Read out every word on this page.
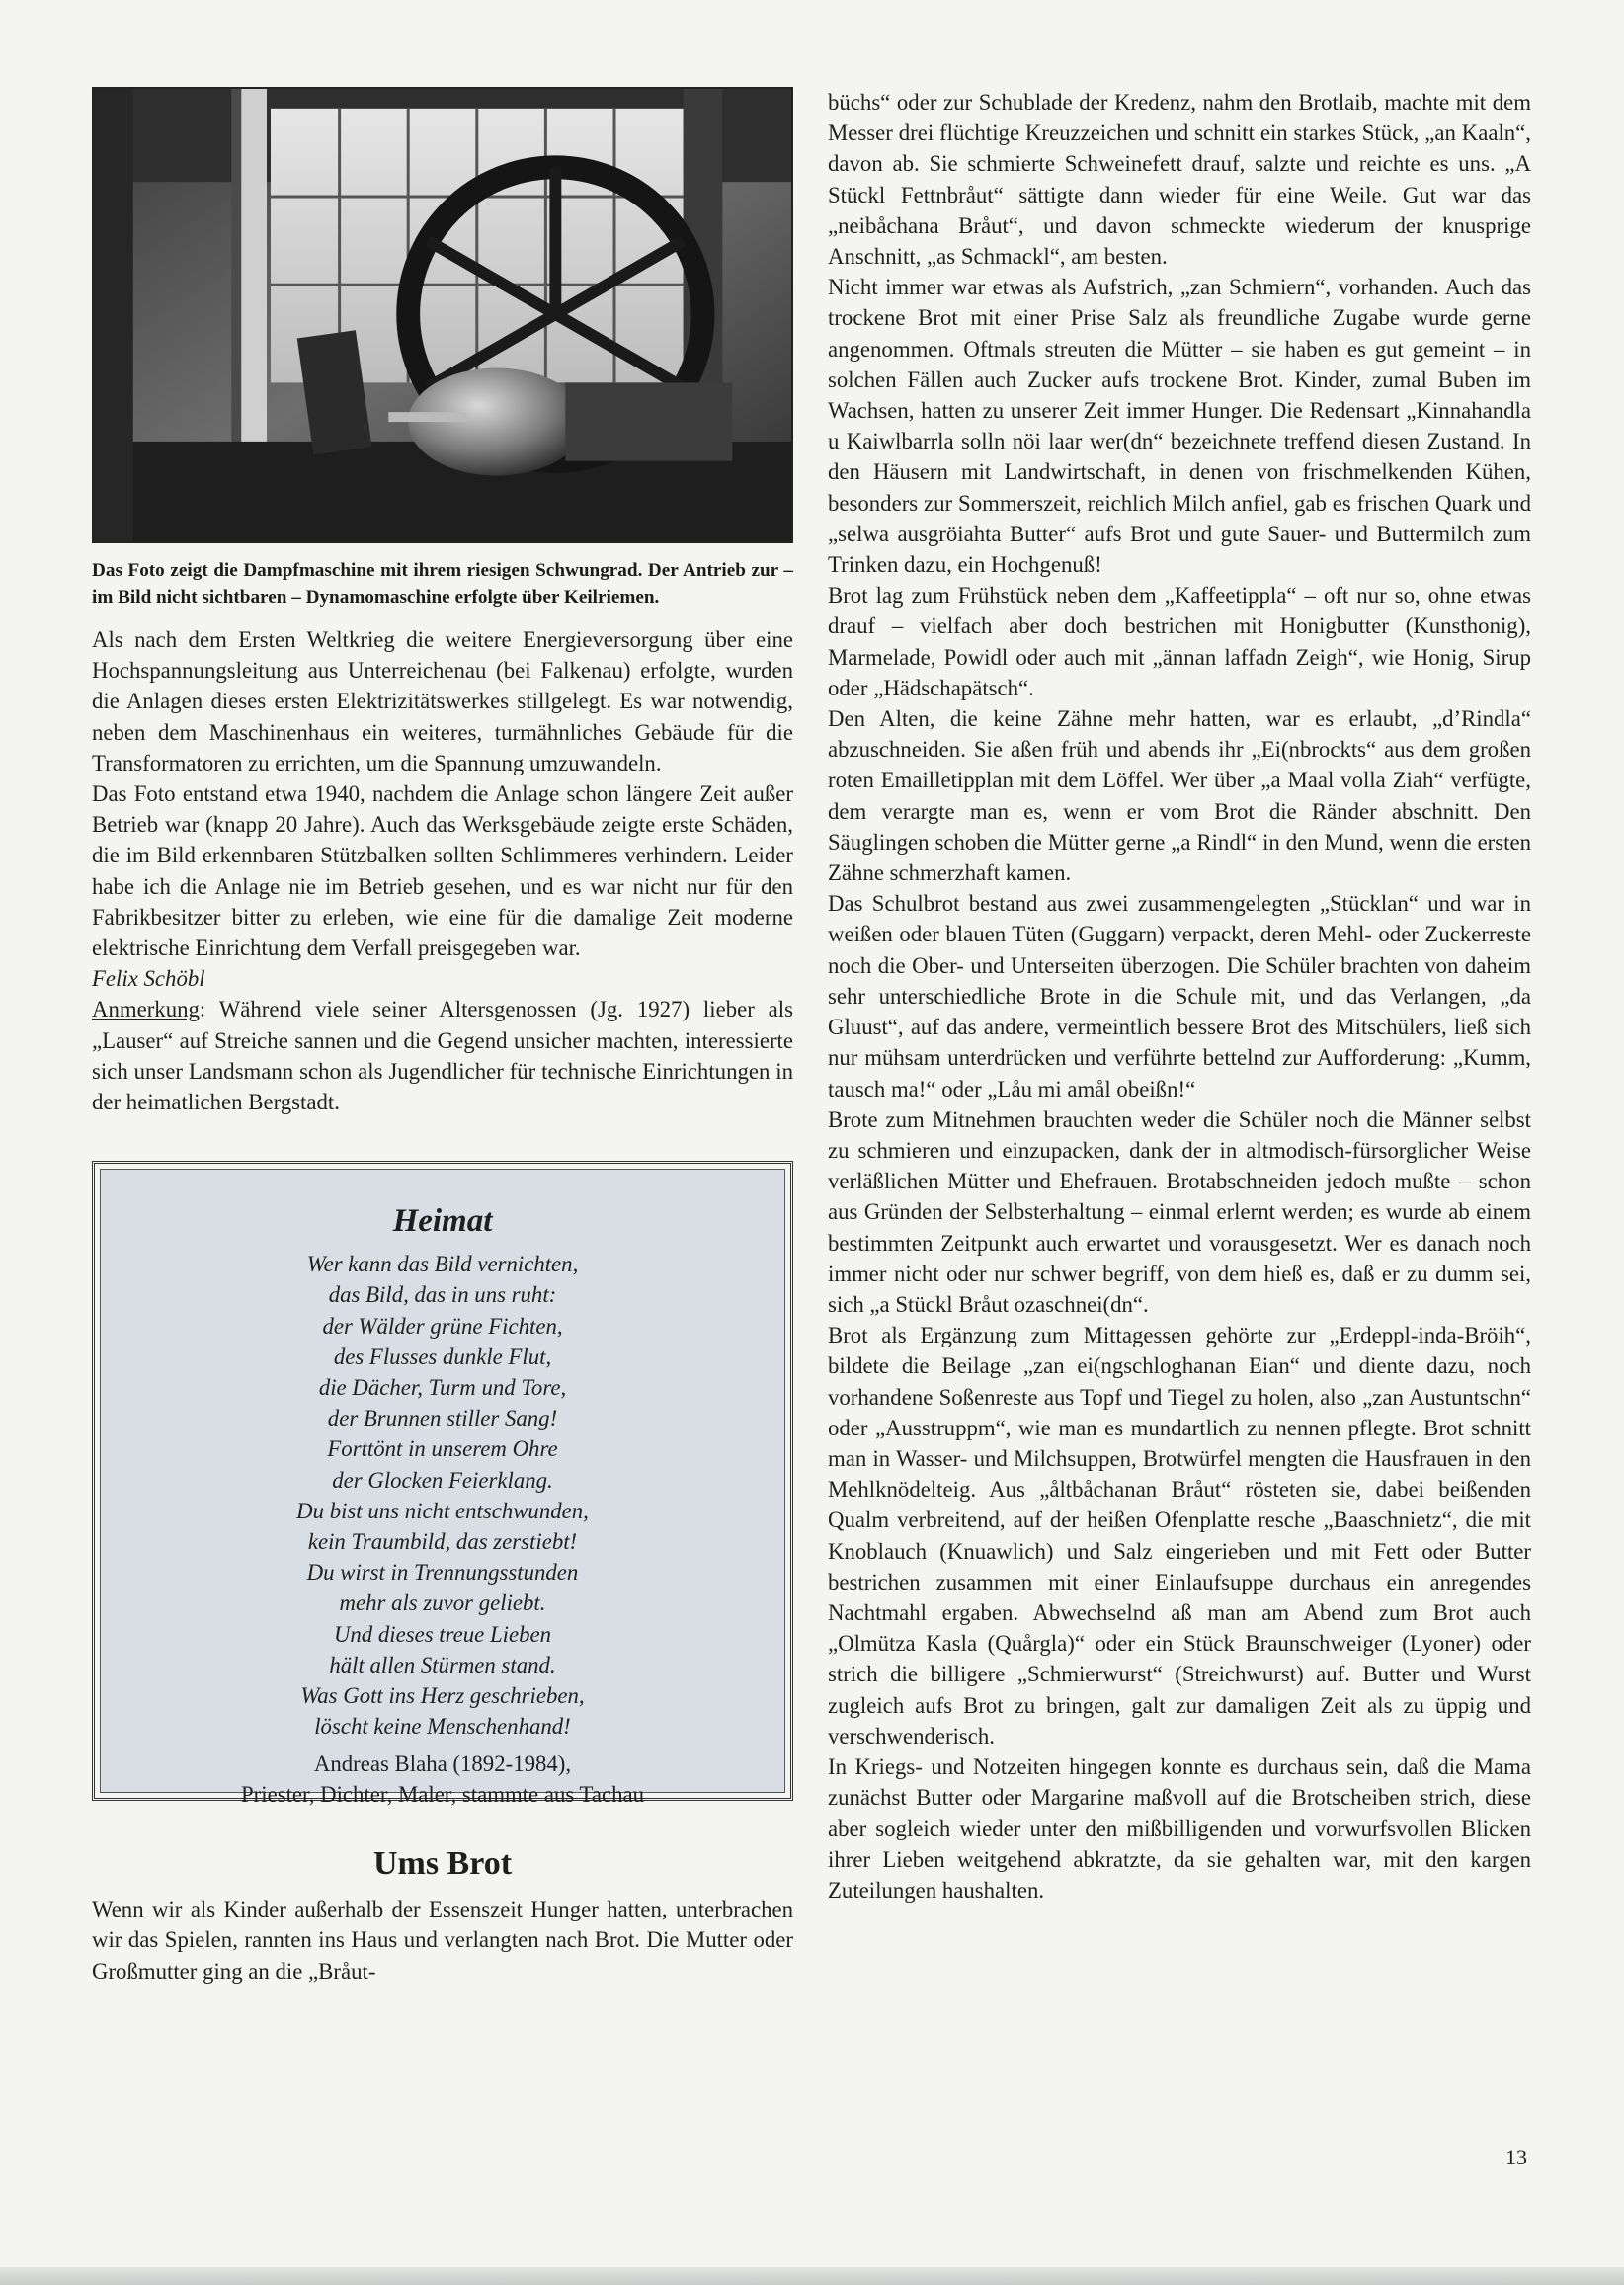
Das Foto zeigt die Dampfmaschine mit ihrem riesigen Schwungrad. Der Antrieb zur – im Bild nicht sichtbaren – Dynamomaschine erfolgte über Keilriemen.

Als nach dem Ersten Weltkrieg die weitere Energieversorgung über eine Hochspannungsleitung aus Unterreichenau (bei Falkenau) erfolgte, wurden die Anlagen dieses ersten Elektrizitätswerkes stillgelegt. Es war notwendig, neben dem Maschinenhaus ein weiteres, turmähnliches Gebäude für die Transformatoren zu errichten, um die Spannung umzuwandeln.

Das Foto entstand etwa 1940, nachdem die Anlage schon längere Zeit außer Betrieb war (knapp 20 Jahre). Auch das Werksgebäude zeigte erste Schäden, die im Bild erkennbaren Stützbalken sollten Schlimmeres verhindern. Leider habe ich die Anlage nie im Betrieb gesehen, und es war nicht nur für den Fabrikbesitzer bitter zu erleben, wie eine für die damalige Zeit moderne elektrische Einrichtung dem Verfall preisgegeben war.

Felix Schöbl

Anmerkung: Während viele seiner Altersgenossen (Jg. 1927) lieber als „Lauser“ auf Streiche sannen und die Gegend unsicher machten, interessierte sich unser Landsmann schon als Jugendlicher für technische Einrichtungen in der heimatlichen Bergstadt.

Heimat
Wer kann das Bild vernichten,
das Bild, das in uns ruht:
der Wälder grüne Fichten,
des Flusses dunkle Flut,
die Dächer, Turm und Tore,
der Brunnen stiller Sang!
Forttönt in unserem Ohre
der Glocken Feierklang.
Du bist uns nicht entschwunden,
kein Traumbild, das zerstiebt!
Du wirst in Trennungsstunden
mehr als zuvor geliebt.
Und dieses treue Lieben
hält allen Stürmen stand.
Was Gott ins Herz geschrieben,
löscht keine Menschenhand!
Andreas Blaha (1892-1984),
Priester, Dichter, Maler, stammte aus Tachau
Ums Brot

Wenn wir als Kinder außerhalb der Essenszeit Hunger hatten, unterbrachen wir das Spielen, rannten ins Haus und verlangten nach Brot. Die Mutter oder Großmutter ging an die „Bråut-

büchs“ oder zur Schublade der Kredenz, nahm den Brotlaib, machte mit dem Messer drei flüchtige Kreuzzeichen und schnitt ein starkes Stück, „an Kaaln“, davon ab. Sie schmierte Schweinefett drauf, salzte und reichte es uns. „A Stückl Fettnbråut“ sättigte dann wieder für eine Weile. Gut war das „neibåchana Bråut“, und davon schmeckte wiederum der knusprige Anschnitt, „as Schmackl“, am besten.

Nicht immer war etwas als Aufstrich, „zan Schmiern“, vorhanden. Auch das trockene Brot mit einer Prise Salz als freundliche Zugabe wurde gerne angenommen. Oftmals streuten die Mütter – sie haben es gut gemeint – in solchen Fällen auch Zucker aufs trockene Brot. Kinder, zumal Buben im Wachsen, hatten zu unserer Zeit immer Hunger. Die Redensart „Kinnahandla u Kaiwlbarrla solln nöi laar wer(dn“ bezeichnete treffend diesen Zustand. In den Häusern mit Landwirtschaft, in denen von frischmelkenden Kühen, besonders zur Sommerszeit, reichlich Milch anfiel, gab es frischen Quark und „selwa ausgröiahta Butter“ aufs Brot und gute Sauer- und Buttermilch zum Trinken dazu, ein Hochgenuß!

Brot lag zum Frühstück neben dem „Kaffeetippla“ – oft nur so, ohne etwas drauf – vielfach aber doch bestrichen mit Honigbutter (Kunsthonig), Marmelade, Powidl oder auch mit „ännan laffadn Zeigh“, wie Honig, Sirup oder „Hädschapätsch“.

Den Alten, die keine Zähne mehr hatten, war es erlaubt, „d’Rindla“ abzuschneiden. Sie aßen früh und abends ihr „Ei(nbrockts“ aus dem großen roten Emailletipplan mit dem Löffel. Wer über „a Maal volla Ziah“ verfügte, dem verargte man es, wenn er vom Brot die Ränder abschnitt. Den Säuglingen schoben die Mütter gerne „a Rindl“ in den Mund, wenn die ersten Zähne schmerzhaft kamen.

Das Schulbrot bestand aus zwei zusammengelegten „Stücklan“ und war in weißen oder blauen Tüten (Guggarn) verpackt, deren Mehl- oder Zuckerreste noch die Ober- und Unterseiten überzogen. Die Schüler brachten von daheim sehr unterschiedliche Brote in die Schule mit, und das Verlangen, „da Gluust“, auf das andere, vermeintlich bessere Brot des Mitschülers, ließ sich nur mühsam unterdrücken und verführte bettelnd zur Aufforderung: „Kumm, tausch ma!“ oder „Låu mi amål obeißn!“

Brote zum Mitnehmen brauchten weder die Schüler noch die Männer selbst zu schmieren und einzupacken, dank der in altmodisch-fürsorglicher Weise verläßlichen Mütter und Ehefrauen. Brotabschneiden jedoch mußte – schon aus Gründen der Selbsterhaltung – einmal erlernt werden; es wurde ab einem bestimmten Zeitpunkt auch erwartet und vorausgesetzt. Wer es danach noch immer nicht oder nur schwer begriff, von dem hieß es, daß er zu dumm sei, sich „a Stückl Bråut ozaschnei(dn“.

Brot als Ergänzung zum Mittagessen gehörte zur „Erdeppl-inda-Bröih“, bildete die Beilage „zan ei(ngschloghanan Eian“ und diente dazu, noch vorhandene Soßenreste aus Topf und Tiegel zu holen, also „zan Austuntschn“ oder „Ausstruppm“, wie man es mundartlich zu nennen pflegte. Brot schnitt man in Wasser- und Milchsuppen, Brotwürfel mengten die Hausfrauen in den Mehlknödelteig. Aus „åltbåchanan Bråut“ rösteten sie, dabei beißenden Qualm verbreitend, auf der heißen Ofenplatte resche „Baaschnietz“, die mit Knoblauch (Knuawlich) und Salz eingerieben und mit Fett oder Butter bestrichen zusammen mit einer Einlaufsuppe durchaus ein anregendes Nachtmahl ergaben. Abwechselnd aß man am Abend zum Brot auch „Olmütza Kasla (Quårgla)“ oder ein Stück Braunschweiger (Lyoner) oder strich die billigere „Schmierwurst“ (Streichwurst) auf. Butter und Wurst zugleich aufs Brot zu bringen, galt zur damaligen Zeit als zu üppig und verschwenderisch.

In Kriegs- und Notzeiten hingegen konnte es durchaus sein, daß die Mama zunächst Butter oder Margarine maßvoll auf die Brotscheiben strich, diese aber sogleich wieder unter den mißbilligenden und vorwurfsvollen Blicken ihrer Lieben weitgehend abkratzte, da sie gehalten war, mit den kargen Zuteilungen haushalten.

13
